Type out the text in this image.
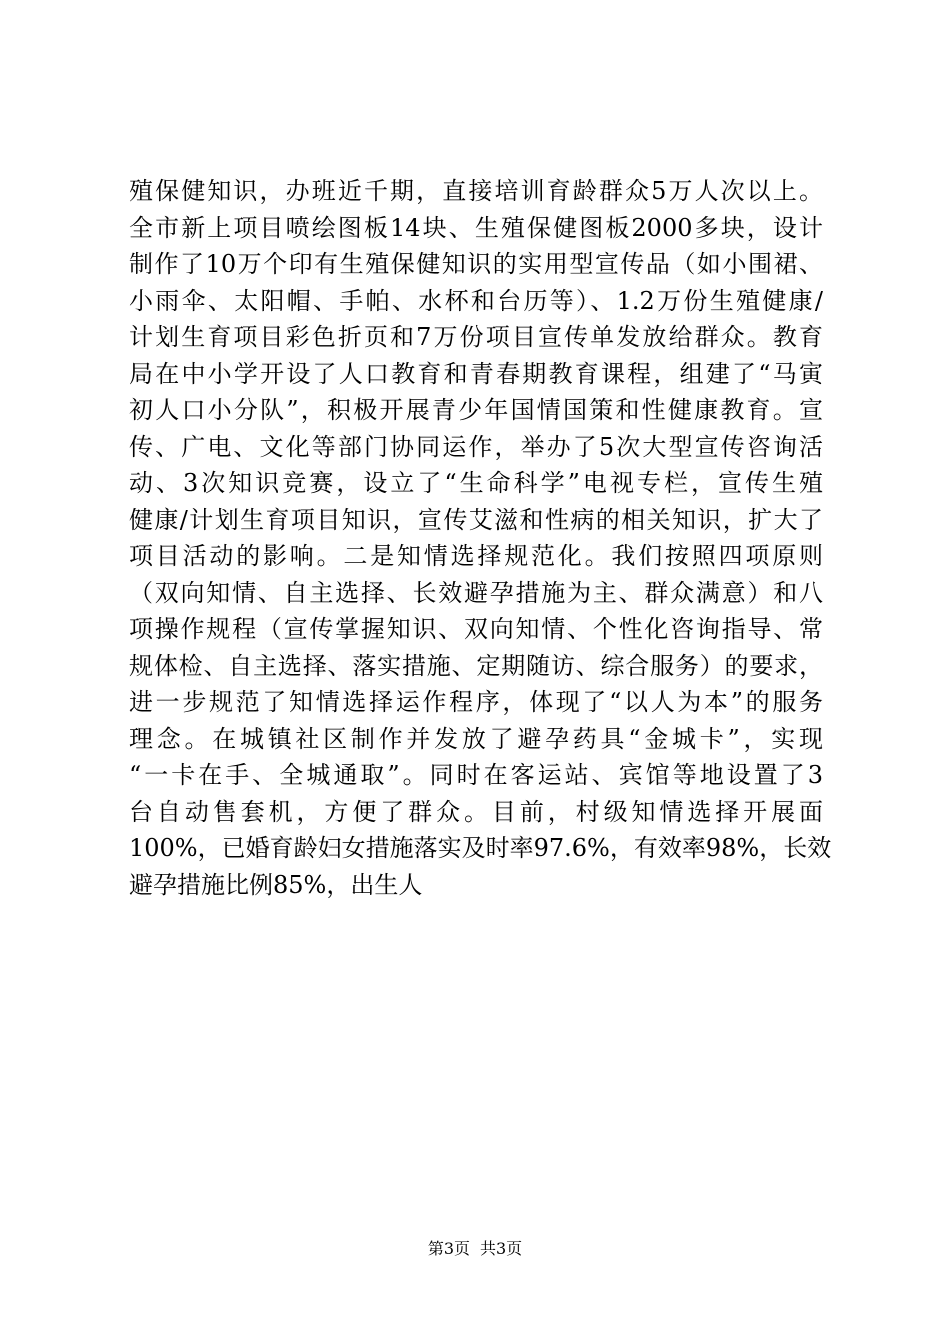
殖保健知识，办班近千期，直接培训育龄群众5万人次以上。
全市新上项目喷绘图板14块、生殖保健图板2000多块，设计
制作了10万个印有生殖保健知识的实用型宣传品（如小围裙、
小雨伞、太阳帽、手帕、水杯和台历等）、1.2万份生殖健康/
计划生育项目彩色折页和7万份项目宣传单发放给群众。教育
局在中小学开设了人口教育和青春期教育课程，组建了“马寅
初人口小分队”，积极开展青少年国情国策和性健康教育。宣
传、广电、文化等部门协同运作，举办了5次大型宣传咨询活
动、3次知识竞赛，设立了“生命科学”电视专栏，宣传生殖
健康/计划生育项目知识，宣传艾滋和性病的相关知识，扩大了
项目活动的影响。二是知情选择规范化。我们按照四项原则
（双向知情、自主选择、长效避孕措施为主、群众满意）和八
项操作规程（宣传掌握知识、双向知情、个性化咨询指导、常
规体检、自主选择、落实措施、定期随访、综合服务）的要求，
进一步规范了知情选择运作程序，体现了“以人为本”的服务
理念。在城镇社区制作并发放了避孕药具“金城卡”，实现
“一卡在手、全城通取”。同时在客运站、宾馆等地设置了3
台自动售套机，方便了群众。目前，村级知情选择开展面
100%，已婚育龄妇女措施落实及时率97.6%，有效率98%，长效
避孕措施比例85%，出生人
第3页 共3页
